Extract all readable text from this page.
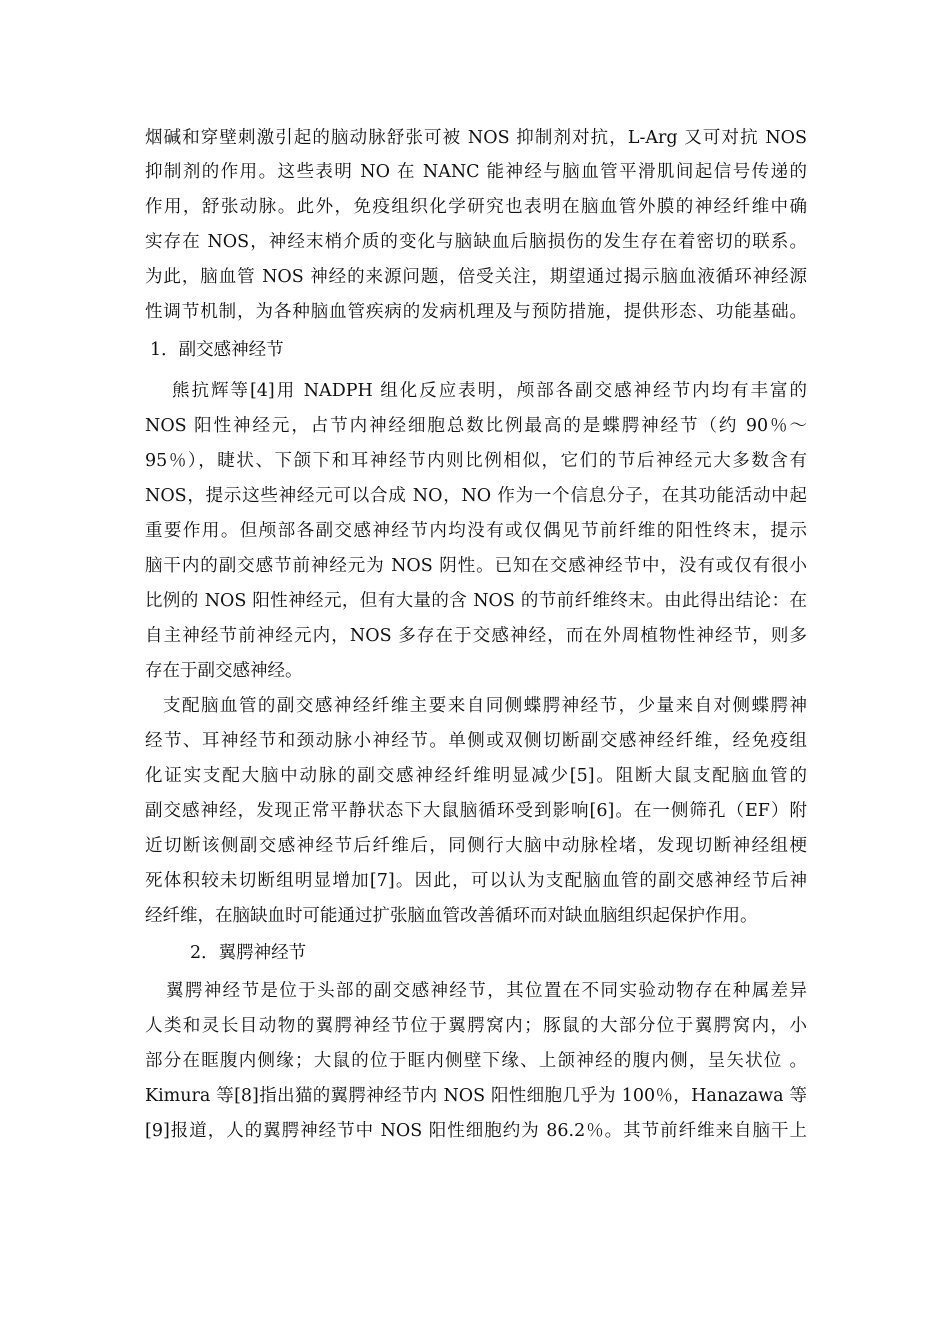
烟碱和穿壁刺激引起的脑动脉舒张可被 NOS 抑制剂对抗，L-Arg 又可对抗 NOS
抑制剂的作用。这些表明 NO 在 NANC 能神经与脑血管平滑肌间起信号传递的
作用，舒张动脉。此外，免疫组织化学研究也表明在脑血管外膜的神经纤维中确
实存在 NOS，神经末梢介质的变化与脑缺血后脑损伤的发生存在着密切的联系。
为此，脑血管 NOS 神经的来源问题，倍受关注，期望通过揭示脑血液循环神经源
性调节机制，为各种脑血管疾病的发病机理及与预防措施，提供形态、功能基础。
1．副交感神经节
熊抗辉等[4]用 NADPH 组化反应表明，颅部各副交感神经节内均有丰富的
NOS 阳性神经元，占节内神经细胞总数比例最高的是蝶腭神经节（约 90％～
95％），睫状、下颌下和耳神经节内则比例相似，它们的节后神经元大多数含有
NOS，提示这些神经元可以合成 NO，NO 作为一个信息分子，在其功能活动中起
重要作用。但颅部各副交感神经节内均没有或仅偶见节前纤维的阳性终末，提示
脑干内的副交感节前神经元为 NOS 阴性。已知在交感神经节中，没有或仅有很小
比例的 NOS 阳性神经元，但有大量的含 NOS 的节前纤维终末。由此得出结论：在
自主神经节前神经元内，NOS 多存在于交感神经，而在外周植物性神经节，则多
存在于副交感神经。
支配脑血管的副交感神经纤维主要来自同侧蝶腭神经节，少量来自对侧蝶腭神
经节、耳神经节和颈动脉小神经节。单侧或双侧切断副交感神经纤维，经免疫组
化证实支配大脑中动脉的副交感神经纤维明显减少[5]。阻断大鼠支配脑血管的
副交感神经，发现正常平静状态下大鼠脑循环受到影响[6]。在一侧筛孔（EF）附
近切断该侧副交感神经节后纤维后，同侧行大脑中动脉栓堵，发现切断神经组梗
死体积较未切断组明显增加[7]。因此，可以认为支配脑血管的副交感神经节后神
经纤维，在脑缺血时可能通过扩张脑血管改善循环而对缺血脑组织起保护作用。
2．翼腭神经节
翼腭神经节是位于头部的副交感神经节，其位置在不同实验动物存在种属差异
人类和灵长目动物的翼腭神经节位于翼腭窝内；豚鼠的大部分位于翼腭窝内，小
部分在眶腹内侧缘；大鼠的位于眶内侧壁下缘、上颌神经的腹内侧，呈矢状位 。
Kimura 等[8]指出猫的翼腭神经节内 NOS 阳性细胞几乎为 100％，Hanazawa 等
[9]报道，人的翼腭神经节中 NOS 阳性细胞约为 86.2％。其节前纤维来自脑干上
